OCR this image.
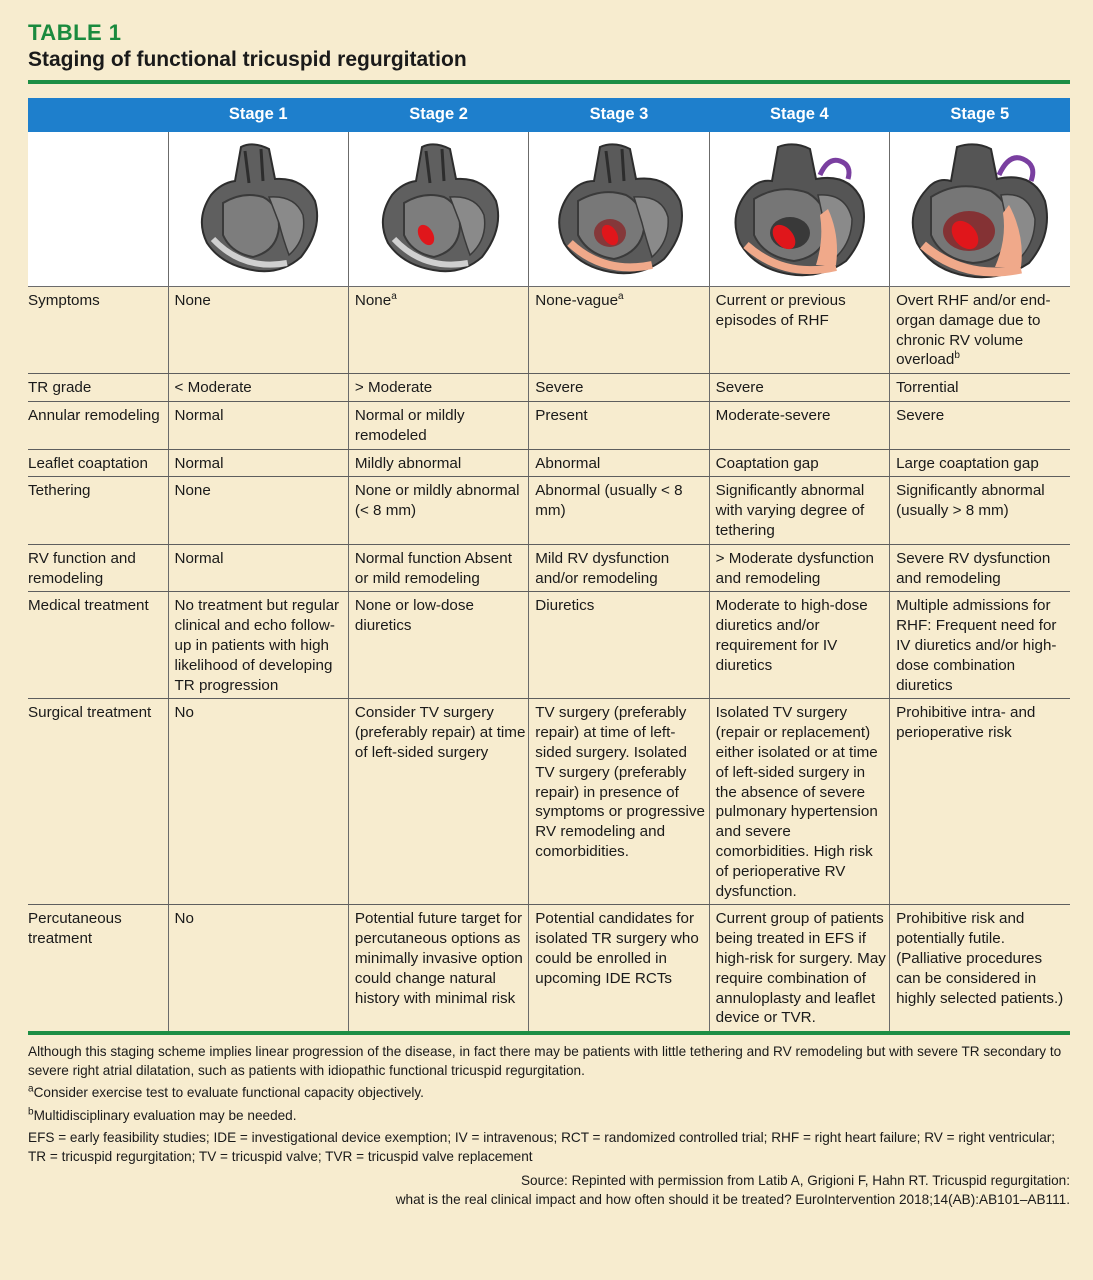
TABLE 1
Staging of functional tricuspid regurgitation
	Stage 1	Stage 2	Stage 3	Stage 4	Stage 5

Symptoms	None	None$^a$	None-vague$^a$	Current or previous episodes of RHF	Overt RHF and/or end-organ damage due to chronic RV volume overload$^b$
TR grade	< Moderate	> Moderate	Severe	Severe	Torrential
Annular remodeling	Normal	Normal or mildly remodeled	Present	Moderate-severe	Severe
Leaflet coaptation	Normal	Mildly abnormal	Abnormal	Coaptation gap	Large coaptation gap
Tethering	None	None or mildly abnormal (< 8 mm)	Abnormal (usually < 8 mm)	Significantly abnormal with varying degree of tethering	Significantly abnormal (usually > 8 mm)
RV function and remodeling	Normal	Normal function Absent or mild remodeling	Mild RV dysfunction and/or remodeling	> Moderate dysfunction and remodeling	Severe RV dysfunction and remodeling
Medical treatment	No treatment but regular clinical and echo follow-up in patients with high likelihood of developing TR progression	None or low-dose diuretics	Diuretics	Moderate to high-dose diuretics and/or requirement for IV diuretics	Multiple admissions for RHF: Frequent need for IV diuretics and/or high-dose combination diuretics
Surgical treatment	No	Consider TV surgery (preferably repair) at time of left-sided surgery	TV surgery (preferably repair) at time of left-sided surgery. Isolated TV surgery (preferably repair) in presence of symptoms or progressive RV remodeling and comorbidities.	Isolated TV surgery (repair or replacement) either isolated or at time of left-sided surgery in the absence of severe pulmonary hypertension and severe comorbidities. High risk of perioperative RV dysfunction.	Prohibitive intra- and perioperative risk
Percutaneous treatment	No	Potential future target for percutaneous options as minimally invasive option could change natural history with minimal risk	Potential candidates for isolated TR surgery who could be enrolled in upcoming IDE RCTs	Current group of patients being treated in EFS if high-risk for surgery. May require combination of annuloplasty and leaflet device or TVR.	Prohibitive risk and potentially futile. (Palliative procedures can be considered in highly selected patients.)

Although this staging scheme implies linear progression of the disease, in fact there may be patients with little tethering and RV remodeling but with severe TR secondary to severe right atrial dilatation, such as patients with idiopathic functional tricuspid regurgitation.

$^a$Consider exercise test to evaluate functional capacity objectively.

$^b$Multidisciplinary evaluation may be needed.

EFS = early feasibility studies; IDE = investigational device exemption; IV = intravenous; RCT = randomized controlled trial; RHF = right heart failure; RV = right ventricular; TR = tricuspid regurgitation; TV = tricuspid valve; TVR = tricuspid valve replacement

Source: Repinted with permission from Latib A, Grigioni F, Hahn RT. Tricuspid regurgitation:
what is the real clinical impact and how often should it be treated? EuroIntervention 2018;14(AB):AB101–AB111.
